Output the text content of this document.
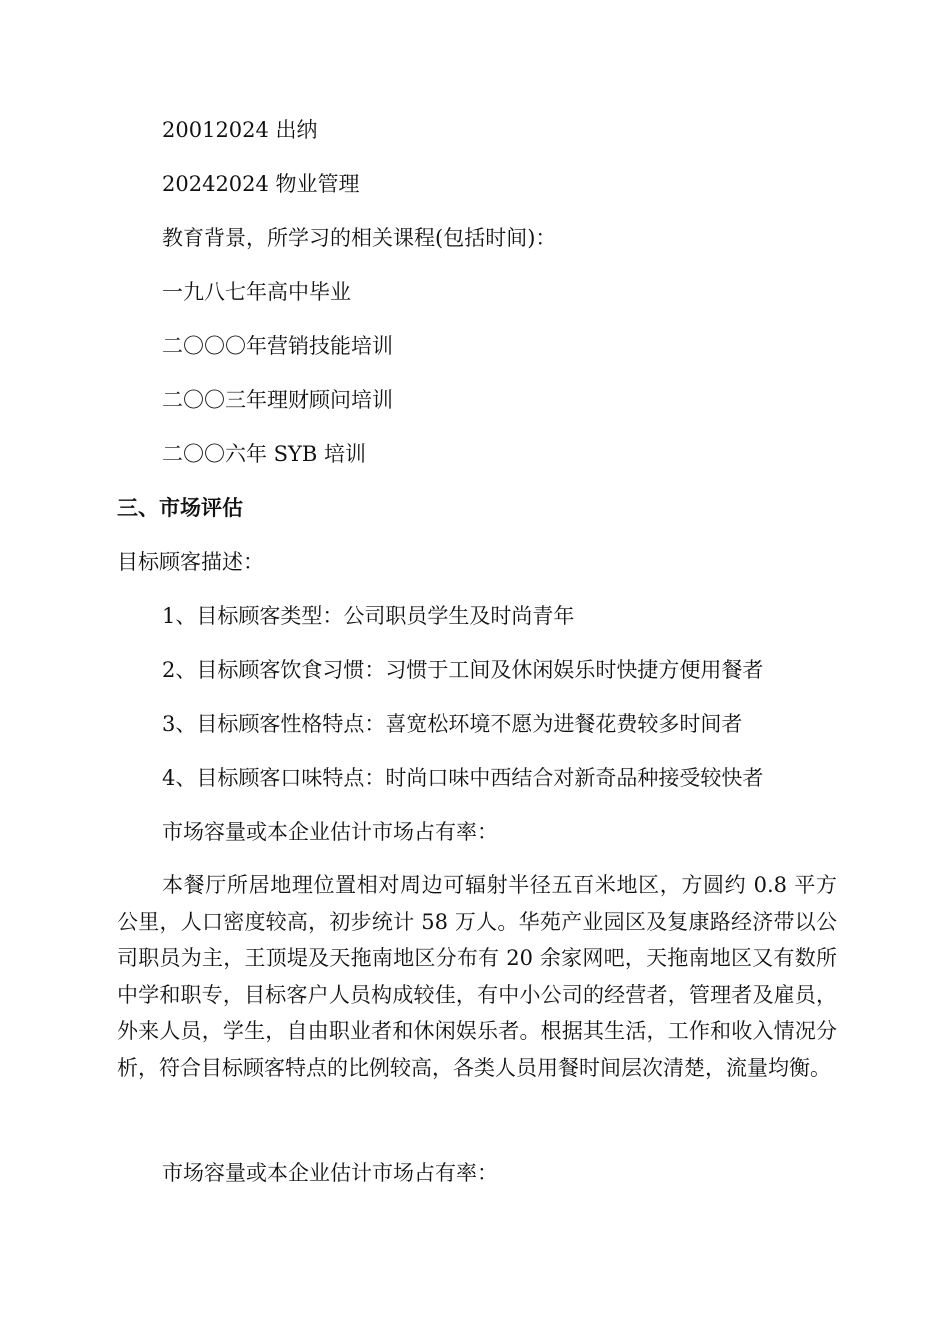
20012024 出纳
20242024 物业管理
教育背景，所学习的相关课程(包括时间)：
一九八七年高中毕业
二〇〇〇年营销技能培训
二〇〇三年理财顾问培训
二〇〇六年 SYB 培训
三、市场评估
目标顾客描述：
1、目标顾客类型：公司职员学生及时尚青年
2、目标顾客饮食习惯：习惯于工间及休闲娱乐时快捷方便用餐者
3、目标顾客性格特点：喜宽松环境不愿为进餐花费较多时间者
4、目标顾客口味特点：时尚口味中西结合对新奇品种接受较快者
市场容量或本企业估计市场占有率：
本餐厅所居地理位置相对周边可辐射半径五百米地区，方圆约 0.8 平方公里，人口密度较高，初步统计 58 万人。华苑产业园区及复康路经济带以公司职员为主，王顶堤及天拖南地区分布有 20 余家网吧，天拖南地区又有数所中学和职专，目标客户人员构成较佳，有中小公司的经营者，管理者及雇员，外来人员，学生，自由职业者和休闲娱乐者。根据其生活，工作和收入情况分析，符合目标顾客特点的比例较高，各类人员用餐时间层次清楚，流量均衡。
市场容量或本企业估计市场占有率：
